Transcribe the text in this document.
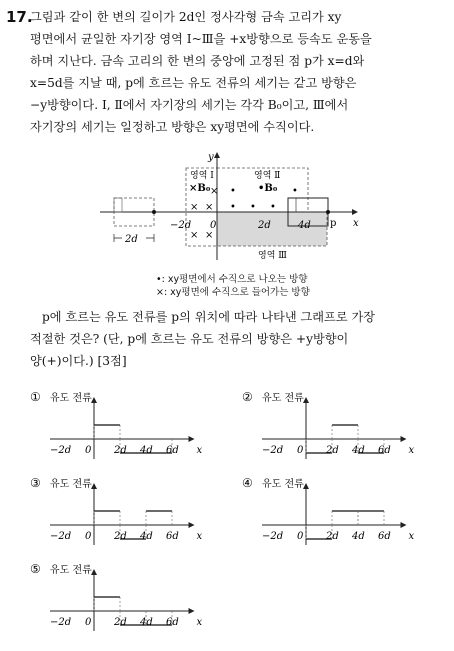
17.

그림과 같이 한 변의 길이가 2d인 정사각형 금속 고리가 xy
평면에서 균일한 자기장 영역 Ⅰ~Ⅲ을 +x방향으로 등속도 운동을
하며 지난다. 금속 고리의 한 변의 중앙에 고정된 점 p가 x=d와
x=5d를 지날 때, p에 흐르는 유도 전류의 세기는 같고 방향은
−y방향이다. Ⅰ, Ⅱ에서 자기장의 세기는 각각 B₀이고, Ⅲ에서
자기장의 세기는 일정하고 방향은 xy평면에 수직이다.

y
x
2d
p
영역 Ⅰ	영역 Ⅱ
영역 Ⅲ
×B₀	•B₀
× ×
× ×
× •	•
• • •
−2d 0	2d	4d
•: xy평면에서 수직으로 나오는 방향
×: xy평면에 수직으로 들어가는 방향

p에 흐르는 유도 전류를 p의 위치에 따라 나타낸 그래프로 가장
적절한 것은? (단, p에 흐르는 유도 전류의 방향은 +y방향이
양(+)이다.) [3점]

① 유도 전류
−2d 0 2d 4d 6d x
② 유도 전류
−2d 0 2d 4d 6d x
③ 유도 전류
−2d 0 2d 4d 6d x
④ 유도 전류
−2d 0 2d 4d 6d x
⑤ 유도 전류
−2d 0 2d 4d 6d x
